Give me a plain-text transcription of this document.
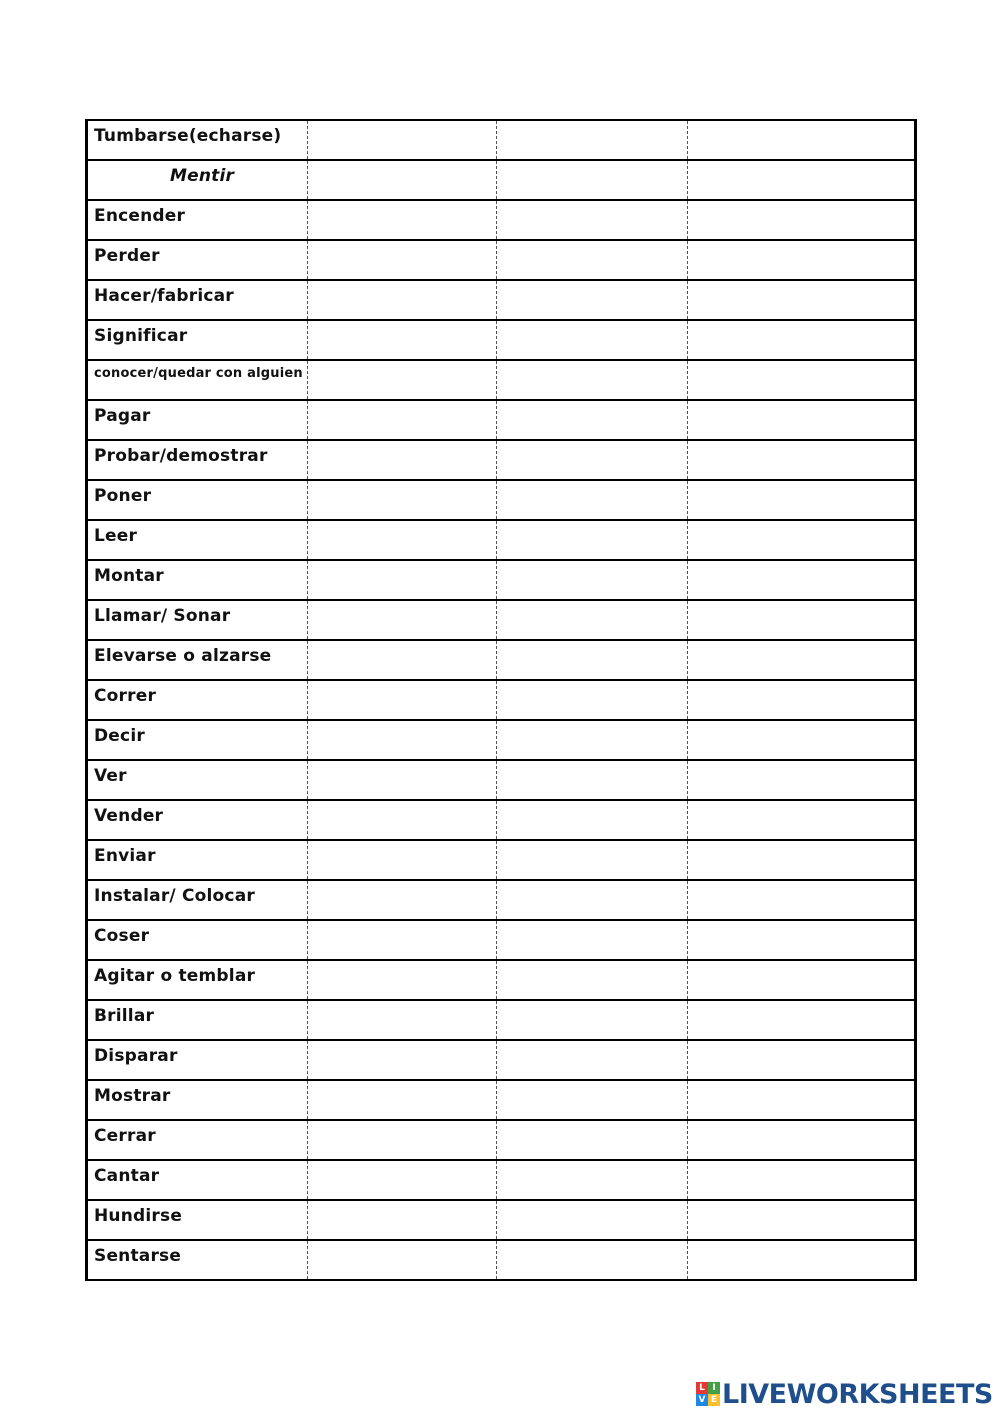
Tumbarse(echarse)			
Mentir			
Encender			
Perder			
Hacer/fabricar			
Significar			
conocer/quedar con alguien			
Pagar			
Probar/demostrar			
Poner			
Leer			
Montar			
Llamar/ Sonar			
Elevarse o alzarse			
Correr			
Decir			
Ver			
Vender			
Enviar			
Instalar/ Colocar			
Coser			
Agitar o temblar			
Brillar			
Disparar			
Mostrar			
Cerrar			
Cantar			
Hundirse			
Sentarse			
L I
V E LIVEWORKSHEETS
